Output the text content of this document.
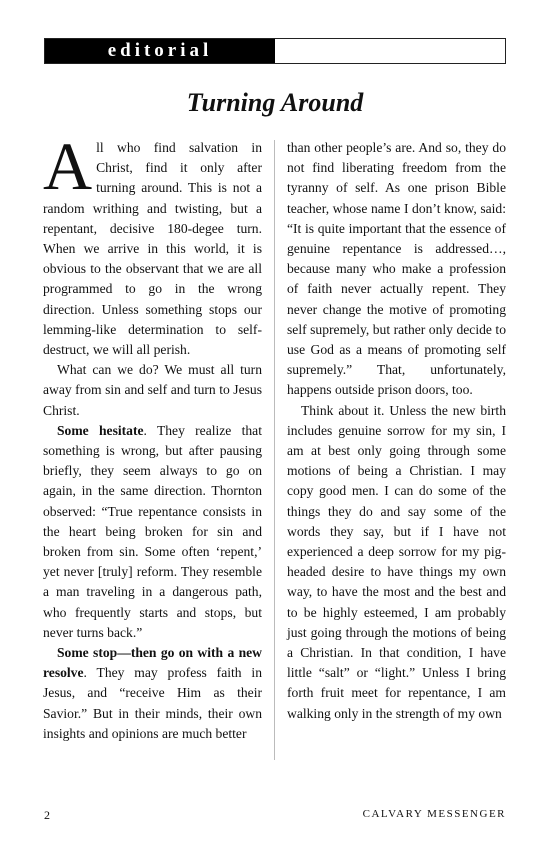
editorial
Turning Around

All who find salvation in Christ, find it only after turning around. This is not a random writhing and twisting, but a repentant, decisive 180-degee turn. When we arrive in this world, it is obvious to the observant that we are all programmed to go in the wrong direction. Unless something stops our lemming-like determination to self-destruct, we will all perish.

What can we do? We must all turn away from sin and self and turn to Jesus Christ.

Some hesitate. They realize that something is wrong, but after pausing briefly, they seem always to go on again, in the same direction. Thornton observed: “True repentance consists in the heart being broken for sin and broken from sin. Some often ‘repent,’ yet never [truly] reform. They resemble a man traveling in a dangerous path, who frequently starts and stops, but never turns back.”

Some stop—then go on with a new resolve. They may profess faith in Jesus, and “receive Him as their Savior.” But in their minds, their own insights and opinions are much better

than other people’s are. And so, they do not find liberating freedom from the tyranny of self. As one prison Bible teacher, whose name I don’t know, said: “It is quite important that the essence of genuine repentance is addressed…, because many who make a profession of faith never actually repent. They never change the motive of promoting self supremely, but rather only decide to use God as a means of promoting self supremely.” That, unfortunately, happens outside prison doors, too.

Think about it. Unless the new birth includes genuine sorrow for my sin, I am at best only going through some motions of being a Christian. I may copy good men. I can do some of the things they do and say some of the words they say, but if I have not experienced a deep sorrow for my pig-headed desire to have things my own way, to have the most and the best and to be highly esteemed, I am probably just going through the motions of being a Christian. In that condition, I have little “salt” or “light.” Unless I bring forth fruit meet for repentance, I am walking only in the strength of my own

2	CALVARY MESSENGER
